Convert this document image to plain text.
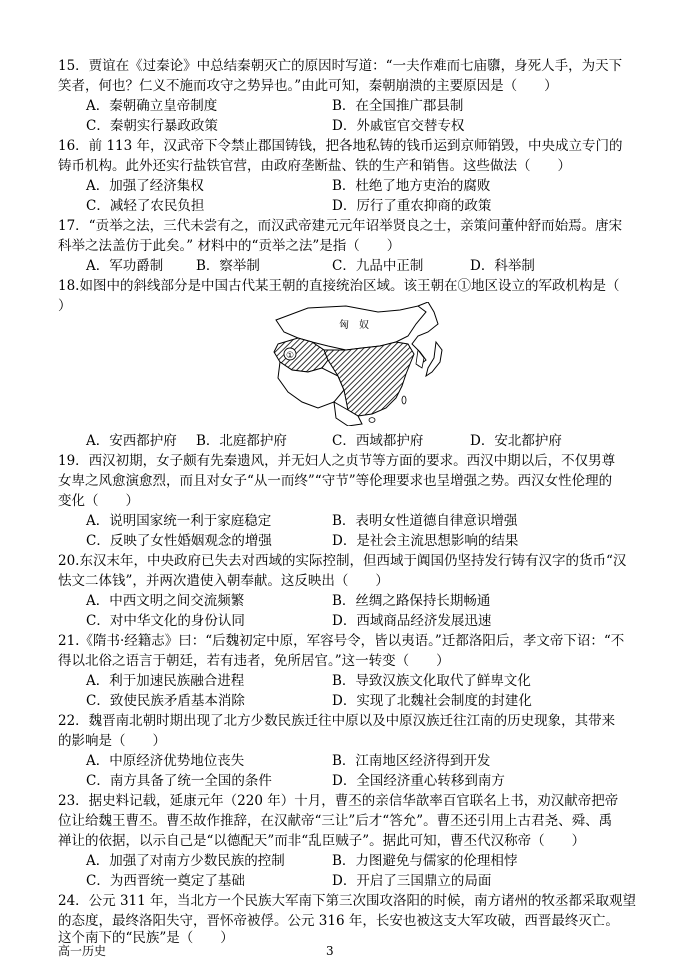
15．贾谊在《过秦论》中总结秦朝灭亡的原因时写道：“一夫作难而七庙隳，身死人手，为天下
笑者，何也？仁义不施而攻守之势异也。”由此可知，秦朝崩溃的主要原因是（　　）
A．秦朝确立皇帝制度	B．在全国推广郡县制
C．秦朝实行暴政政策	D．外戚宦官交替专权
16．前 113 年，汉武帝下令禁止郡国铸钱，把各地私铸的钱币运到京师销毁，中央成立专门的
铸币机构。此外还实行盐铁官营，由政府垄断盐、铁的生产和销售。这些做法（　　）
A．加强了经济集权	B．杜绝了地方吏治的腐败
C．减轻了农民负担	D．厉行了重农抑商的政策
17．“贡举之法，三代未尝有之，而汉武帝建元元年诏举贤良之士，亲策问董仲舒而始焉。唐宋
科举之法盖仿于此矣。” 材料中的“贡举之法”是指（　　）
A．军功爵制 B．察举制	C．九品中正制	D．科举制
18.如图中的斜线部分是中国古代某王朝的直接统治区域。该王朝在①地区设立的军政机构是（
）
匈　奴
①
A．安西都护府 B．北庭都护府	C．西域都护府	D．安北都护府
19．西汉初期，女子颇有先秦遗风，并无妇人之贞节等方面的要求。西汉中期以后，不仅男尊
女卑之风愈演愈烈，而且对女子“从一而终”“守节”等伦理要求也呈增强之势。西汉女性伦理的
变化（　　）
A．说明国家统一利于家庭稳定	B．表明女性道德自律意识增强
C．反映了女性婚姻观念的增强	D．是社会主流思想影响的结果
20.东汉末年，中央政府已失去对西域的实际控制，但西域于阗国仍坚持发行铸有汉字的货币“汉
怯文二体钱”，并两次遣使入朝奉献。这反映出（　　）
A．中西文明之间交流频繁	B．丝绸之路保持长期畅通
C．对中华文化的身份认同	D．西域商品经济发展迅速
21.《隋书·经籍志》曰：“后魏初定中原，军容号令，皆以夷语。”迁都洛阳后，孝文帝下诏：“不
得以北俗之语言于朝廷，若有违者，免所居官。”这一转变（　　）
A．利于加速民族融合进程	B．导致汉族文化取代了鲜卑文化
C．致使民族矛盾基本消除	D．实现了北魏社会制度的封建化
22．魏晋南北朝时期出现了北方少数民族迁往中原以及中原汉族迁往江南的历史现象，其带来
的影响是（　　）
A．中原经济优势地位丧失	B．江南地区经济得到开发
C．南方具备了统一全国的条件	D．全国经济重心转移到南方
23．据史料记载，延康元年（220 年）十月，曹丕的亲信华歆率百官联名上书，劝汉献帝把帝
位让给魏王曹丕。曹丕故作推辞，在汉献帝“三让”后才“答允”。曹丕还引用上古君尧、舜、禹
禅让的依据，以示自己是“以德配天”而非“乱臣贼子”。据此可知，曹丕代汉称帝（　　）
A．加强了对南方少数民族的控制	B．力图避免与儒家的伦理相悖
C．为西晋统一奠定了基础	D．开启了三国鼎立的局面
24．公元 311 年，当北方一个民族大军南下第三次围攻洛阳的时候，南方诸州的牧丞都采取观望
的态度，最终洛阳失守，晋怀帝被俘。公元 316 年，长安也被这支大军攻破，西晋最终灭亡。
这个南下的“民族”是（　　）
高一历史	3
